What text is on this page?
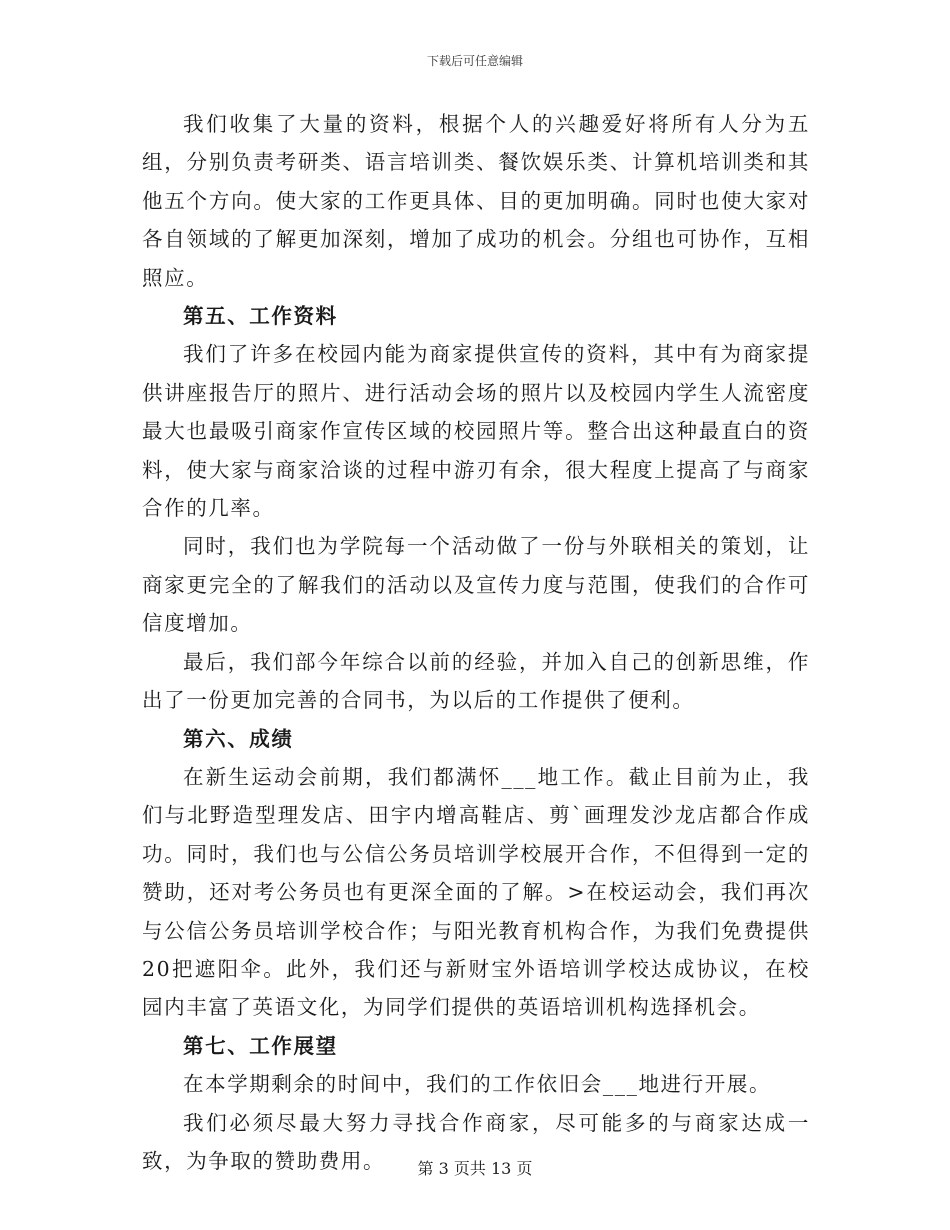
下载后可任意编辑

我们收集了大量的资料，根据个人的兴趣爱好将所有人分为五组，分别负责考研类、语言培训类、餐饮娱乐类、计算机培训类和其他五个方向。使大家的工作更具体、目的更加明确。同时也使大家对各自领域的了解更加深刻，增加了成功的机会。分组也可协作，互相照应。

第五、工作资料

我们了许多在校园内能为商家提供宣传的资料，其中有为商家提供讲座报告厅的照片、进行活动会场的照片以及校园内学生人流密度最大也最吸引商家作宣传区域的校园照片等。整合出这种最直白的资料，使大家与商家洽谈的过程中游刃有余，很大程度上提高了与商家合作的几率。

同时，我们也为学院每一个活动做了一份与外联相关的策划，让商家更完全的了解我们的活动以及宣传力度与范围，使我们的合作可信度增加。

最后，我们部今年综合以前的经验，并加入自己的创新思维，作出了一份更加完善的合同书，为以后的工作提供了便利。

第六、成绩

在新生运动会前期，我们都满怀___地工作。截止目前为止，我们与北野造型理发店、田宇内增高鞋店、剪`画理发沙龙店都合作成功。同时，我们也与公信公务员培训学校展开合作，不但得到一定的赞助，还对考公务员也有更深全面的了解。>在校运动会，我们再次与公信公务员培训学校合作；与阳光教育机构合作，为我们免费提供20把遮阳伞。此外，我们还与新财宝外语培训学校达成协议，在校园内丰富了英语文化，为同学们提供的英语培训机构选择机会。

第七、工作展望

在本学期剩余的时间中，我们的工作依旧会___地进行开展。

我们必须尽最大努力寻找合作商家，尽可能多的与商家达成一致，为争取的赞助费用。	第 3 页共 13 页
